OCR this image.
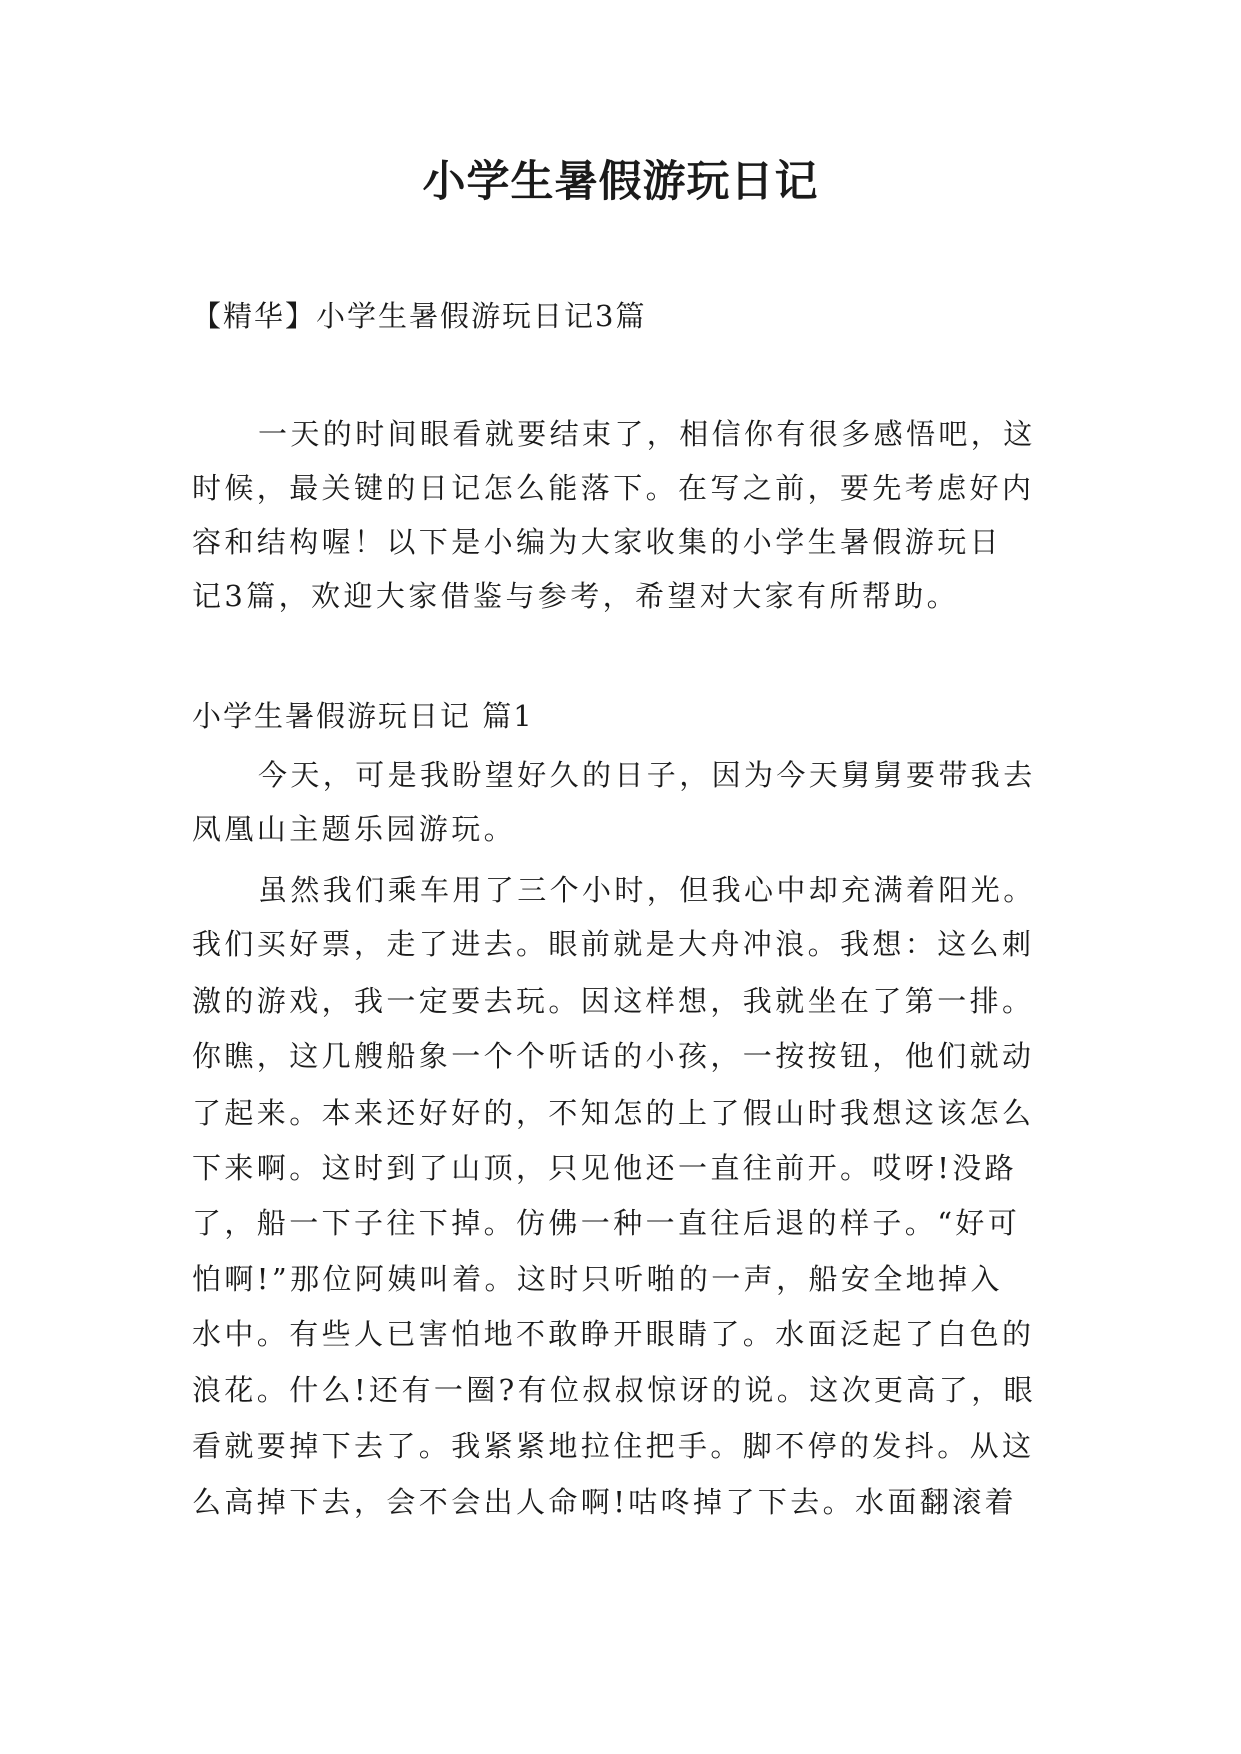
小学生暑假游玩日记
【精华】小学生暑假游玩日记3篇
一天的时间眼看就要结束了，相信你有很多感悟吧，这
时候，最关键的日记怎么能落下。在写之前，要先考虑好内
容和结构喔！以下是小编为大家收集的小学生暑假游玩日
记3篇，欢迎大家借鉴与参考，希望对大家有所帮助。
小学生暑假游玩日记 篇1
今天，可是我盼望好久的日子，因为今天舅舅要带我去
凤凰山主题乐园游玩。
虽然我们乘车用了三个小时，但我心中却充满着阳光。
我们买好票，走了进去。眼前就是大舟冲浪。我想：这么刺
激的游戏，我一定要去玩。因这样想，我就坐在了第一排。
你瞧，这几艘船象一个个听话的小孩，一按按钮，他们就动
了起来。本来还好好的，不知怎的上了假山时我想这该怎么
下来啊。这时到了山顶，只见他还一直往前开。哎呀!没路
了，船一下子往下掉。仿佛一种一直往后退的样子。“好可
怕啊!”那位阿姨叫着。这时只听啪的一声，船安全地掉入
水中。有些人已害怕地不敢睁开眼睛了。水面泛起了白色的
浪花。什么!还有一圈?有位叔叔惊讶的说。这次更高了，眼
看就要掉下去了。我紧紧地拉住把手。脚不停的发抖。从这
么高掉下去，会不会出人命啊!咕咚掉了下去。水面翻滚着
